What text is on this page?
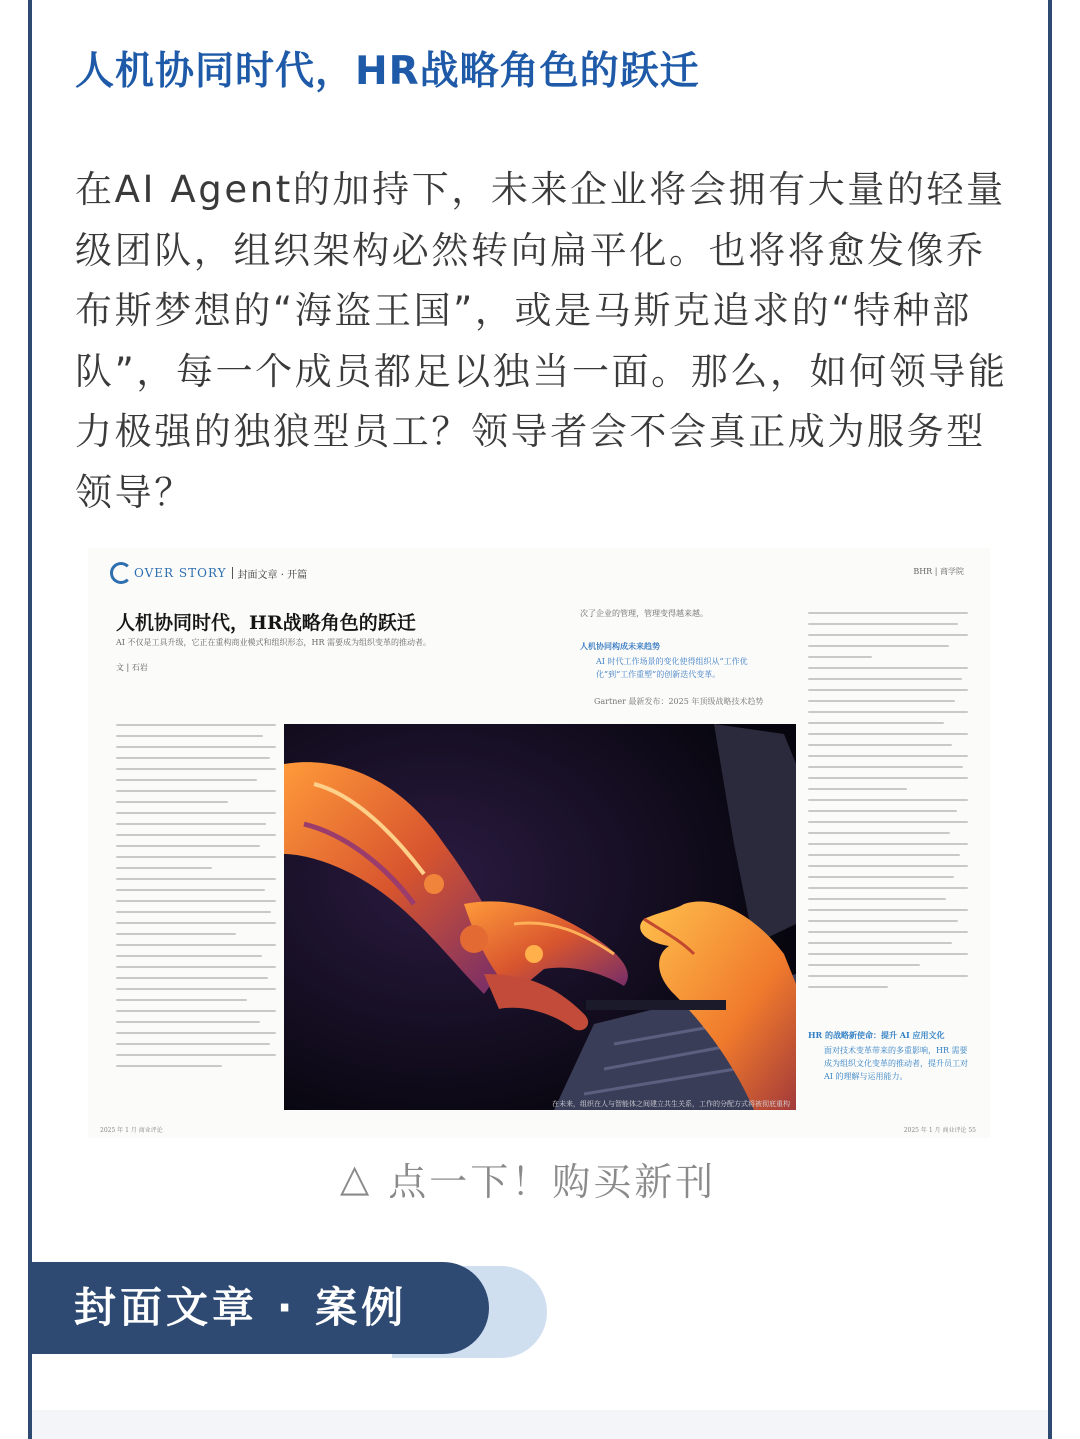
人机协同时代，HR战略角色的跃迁

在AI Agent的加持下，未来企业将会拥有大量的轻量级团队，组织架构必然转向扁平化。也将将愈发像乔布斯梦想的“海盗王国”，或是马斯克追求的“特种部队”，每一个成员都足以独当一面。那么，如何领导能力极强的独狼型员工？领导者会不会真正成为服务型领导？

OVER STORY 封面文章 · 开篇	BHR | 商学院
人机协同时代，HR战略角色的跃迁
AI 不仅是工具升级，它正在重构商业模式和组织形态，HR 需要成为组织变革的推动者。
文 | 石岩
次了企业的管理，管理变得越来越。
人机协同构成未来趋势
AI 时代工作场景的变化使得组织从“工作优化”到“工作重塑”的创新迭代变革。
Gartner 最新发布：2025 年顶级战略技术趋势
在未来，组织在人与智能体之间建立共生关系，工作的分配方式将被彻底重构
HR 的战略新使命：提升 AI 应用文化
面对技术变革带来的多重影响，HR 需要成为组织文化变革的推动者，提升员工对 AI 的理解与运用能力。
2025 年 1 月 商业评论	2025 年 1 月 商业评论 55
△ 点一下！购买新刊
封面文章 · 案例
